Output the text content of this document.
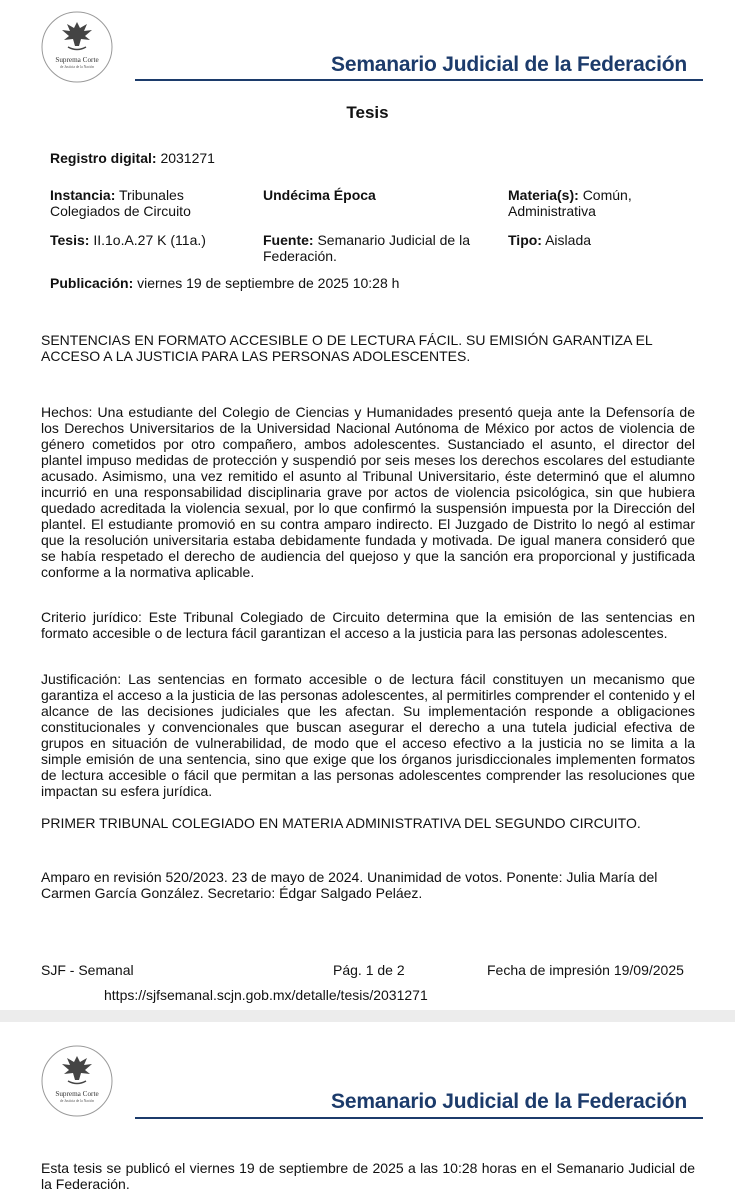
Suprema Corte
de Justicia de la Nación	Semanario Judicial de la Federación
Tesis
Registro digital: 2031271
Instancia: Tribunales Colegiados de Circuito
Undécima Época	Materia(s): Común, Administrativa
Tesis: II.1o.A.27 K (11a.)	Fuente: Semanario Judicial de la Federación.
Tipo: Aislada
Publicación: viernes 19 de septiembre de 2025 10:28 h
SENTENCIAS EN FORMATO ACCESIBLE O DE LECTURA FÁCIL. SU EMISIÓN GARANTIZA EL ACCESO A LA JUSTICIA PARA LAS PERSONAS ADOLESCENTES.
Hechos: Una estudiante del Colegio de Ciencias y Humanidades presentó queja ante la Defensoría de los Derechos Universitarios de la Universidad Nacional Autónoma de México por actos de violencia de género cometidos por otro compañero, ambos adolescentes. Sustanciado el asunto, el director del plantel impuso medidas de protección y suspendió por seis meses los derechos escolares del estudiante acusado. Asimismo, una vez remitido el asunto al Tribunal Universitario, éste determinó que el alumno incurrió en una responsabilidad disciplinaria grave por actos de violencia psicológica, sin que hubiera quedado acreditada la violencia sexual, por lo que confirmó la suspensión impuesta por la Dirección del plantel. El estudiante promovió en su contra amparo indirecto. El Juzgado de Distrito lo negó al estimar que la resolución universitaria estaba debidamente fundada y motivada. De igual manera consideró que se había respetado el derecho de audiencia del quejoso y que la sanción era proporcional y justificada conforme a la normativa aplicable.
Criterio jurídico: Este Tribunal Colegiado de Circuito determina que la emisión de las sentencias en formato accesible o de lectura fácil garantizan el acceso a la justicia para las personas adolescentes.
Justificación: Las sentencias en formato accesible o de lectura fácil constituyen un mecanismo que garantiza el acceso a la justicia de las personas adolescentes, al permitirles comprender el contenido y el alcance de las decisiones judiciales que les afectan. Su implementación responde a obligaciones constitucionales y convencionales que buscan asegurar el derecho a una tutela judicial efectiva de grupos en situación de vulnerabilidad, de modo que el acceso efectivo a la justicia no se limita a la simple emisión de una sentencia, sino que exige que los órganos jurisdiccionales implementen formatos de lectura accesible o fácil que permitan a las personas adolescentes comprender las resoluciones que impactan su esfera jurídica.
PRIMER TRIBUNAL COLEGIADO EN MATERIA ADMINISTRATIVA DEL SEGUNDO CIRCUITO.
Amparo en revisión 520/2023. 23 de mayo de 2024. Unanimidad de votos. Ponente: Julia María del Carmen García González. Secretario: Édgar Salgado Peláez.
SJF - Semanal	Pág. 1 de 2	Fecha de impresión 19/09/2025
https://sjfsemanal.scjn.gob.mx/detalle/tesis/2031271
Suprema Corte
de Justicia de la Nación	Semanario Judicial de la Federación
Esta tesis se publicó el viernes 19 de septiembre de 2025 a las 10:28 horas en el Semanario Judicial de la Federación.
